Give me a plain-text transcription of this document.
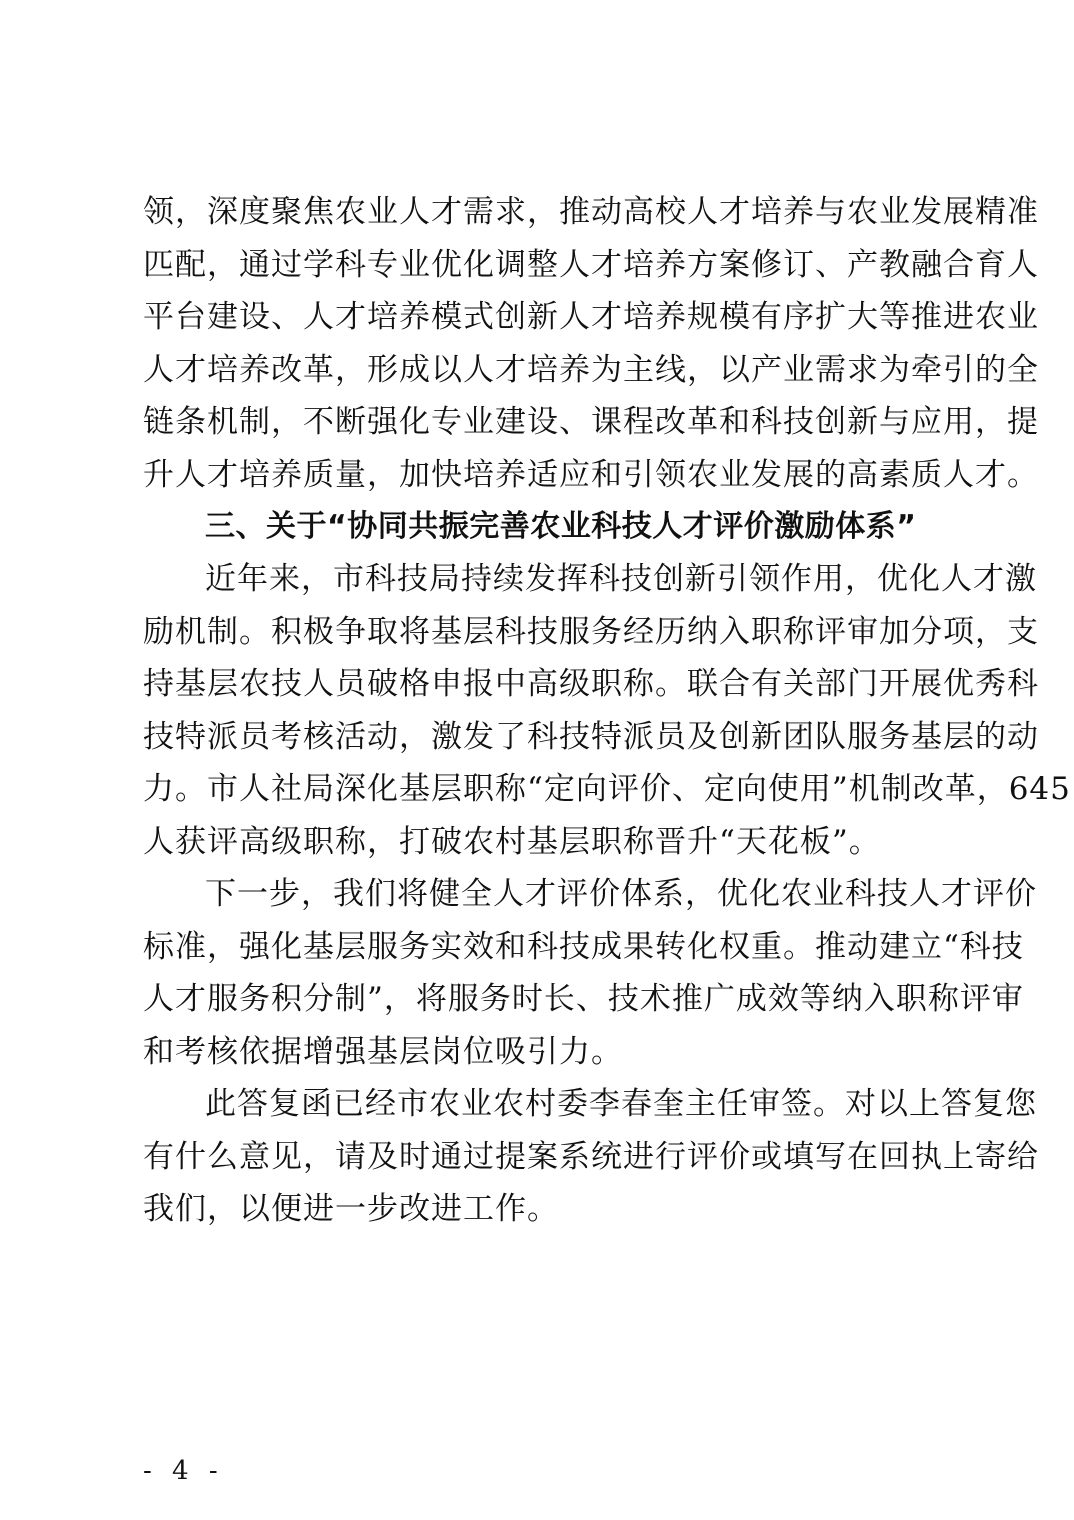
领，深度聚焦农业人才需求，推动高校人才培养与农业发展精准
匹配，通过学科专业优化调整人才培养方案修订、产教融合育人
平台建设、人才培养模式创新人才培养规模有序扩大等推进农业
人才培养改革，形成以人才培养为主线，以产业需求为牵引的全
链条机制，不断强化专业建设、课程改革和科技创新与应用，提
升人才培养质量，加快培养适应和引领农业发展的高素质人才。
三、关于“协同共振完善农业科技人才评价激励体系”
近年来，市科技局持续发挥科技创新引领作用，优化人才激
励机制。积极争取将基层科技服务经历纳入职称评审加分项，支
持基层农技人员破格申报中高级职称。联合有关部门开展优秀科
技特派员考核活动，激发了科技特派员及创新团队服务基层的动
力。市人社局深化基层职称“定向评价、定向使用”机制改革，645
人获评高级职称，打破农村基层职称晋升“天花板”。
下一步，我们将健全人才评价体系，优化农业科技人才评价
标准，强化基层服务实效和科技成果转化权重。推动建立“科技
人才服务积分制”，将服务时长、技术推广成效等纳入职称评审
和考核依据增强基层岗位吸引力。
此答复函已经市农业农村委李春奎主任审签。对以上答复您
有什么意见，请及时通过提案系统进行评价或填写在回执上寄给
我们，以便进一步改进工作。
- 4 -
